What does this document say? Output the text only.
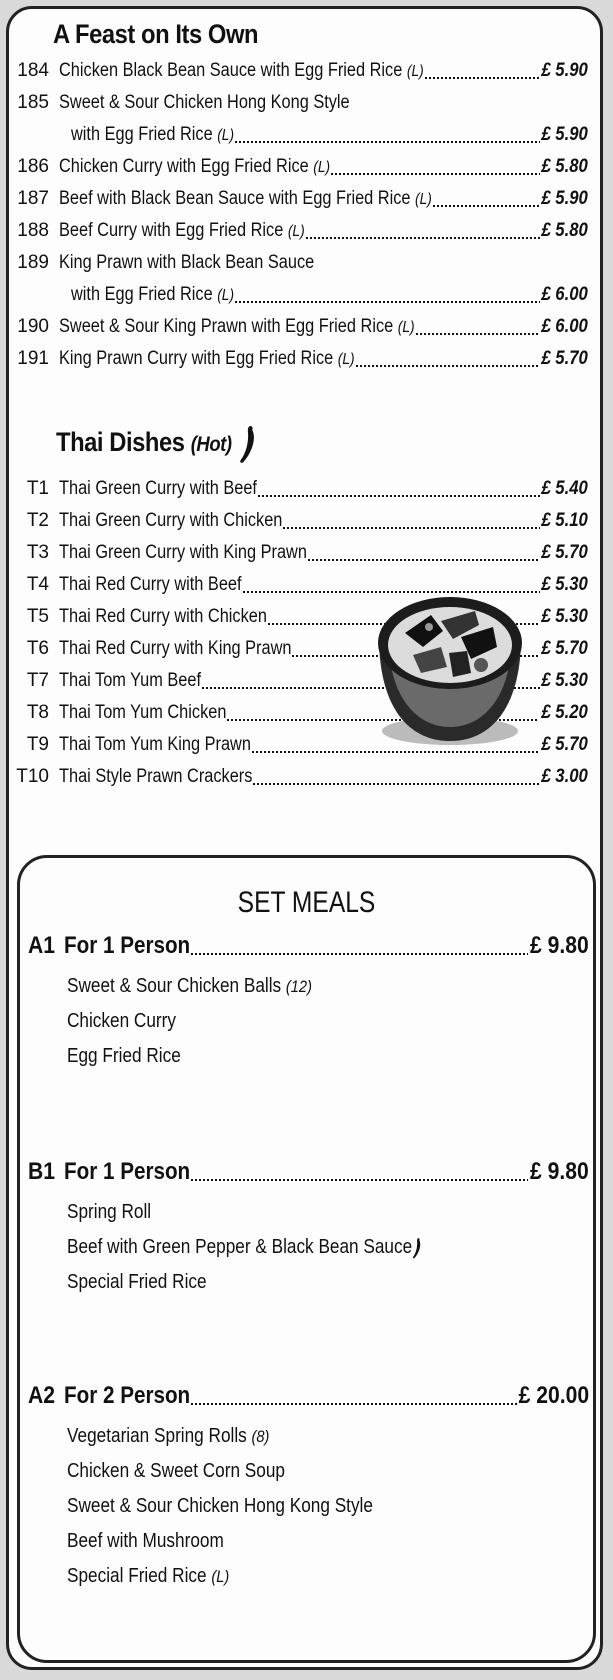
A Feast on Its Own
184 Chicken Black Bean Sauce with Egg Fried Rice (L)	£ 5.90
185 Sweet & Sour Chicken Hong Kong Style
with Egg Fried Rice (L)	£ 5.90
186 Chicken Curry with Egg Fried Rice (L)	£ 5.80
187 Beef with Black Bean Sauce with Egg Fried Rice (L)	£ 5.90
188 Beef Curry with Egg Fried Rice (L)	£ 5.80
189 King Prawn with Black Bean Sauce
with Egg Fried Rice (L)	£ 6.00
190 Sweet & Sour King Prawn with Egg Fried Rice (L)	£ 6.00
191 King Prawn Curry with Egg Fried Rice (L)	£ 5.70
Thai Dishes (Hot)
T1 Thai Green Curry with Beef	£ 5.40
T2 Thai Green Curry with Chicken	£ 5.10
T3 Thai Green Curry with King Prawn	£ 5.70
T4 Thai Red Curry with Beef	£ 5.30
T5 Thai Red Curry with Chicken	£ 5.30
T6 Thai Red Curry with King Prawn	£ 5.70
T7 Thai Tom Yum Beef	£ 5.30
T8 Thai Tom Yum Chicken	£ 5.20
T9 Thai Tom Yum King Prawn	£ 5.70
T10 Thai Style Prawn Crackers	£ 3.00
SET MEALS
A1 For 1 Person	£ 9.80
Sweet & Sour Chicken Balls (12)
Chicken Curry
Egg Fried Rice
B1 For 1 Person	£ 9.80
Spring Roll
Beef with Green Pepper & Black Bean Sauce
Special Fried Rice
A2 For 2 Person	£ 20.00
Vegetarian Spring Rolls (8)
Chicken & Sweet Corn Soup
Sweet & Sour Chicken Hong Kong Style
Beef with Mushroom
Special Fried Rice (L)
